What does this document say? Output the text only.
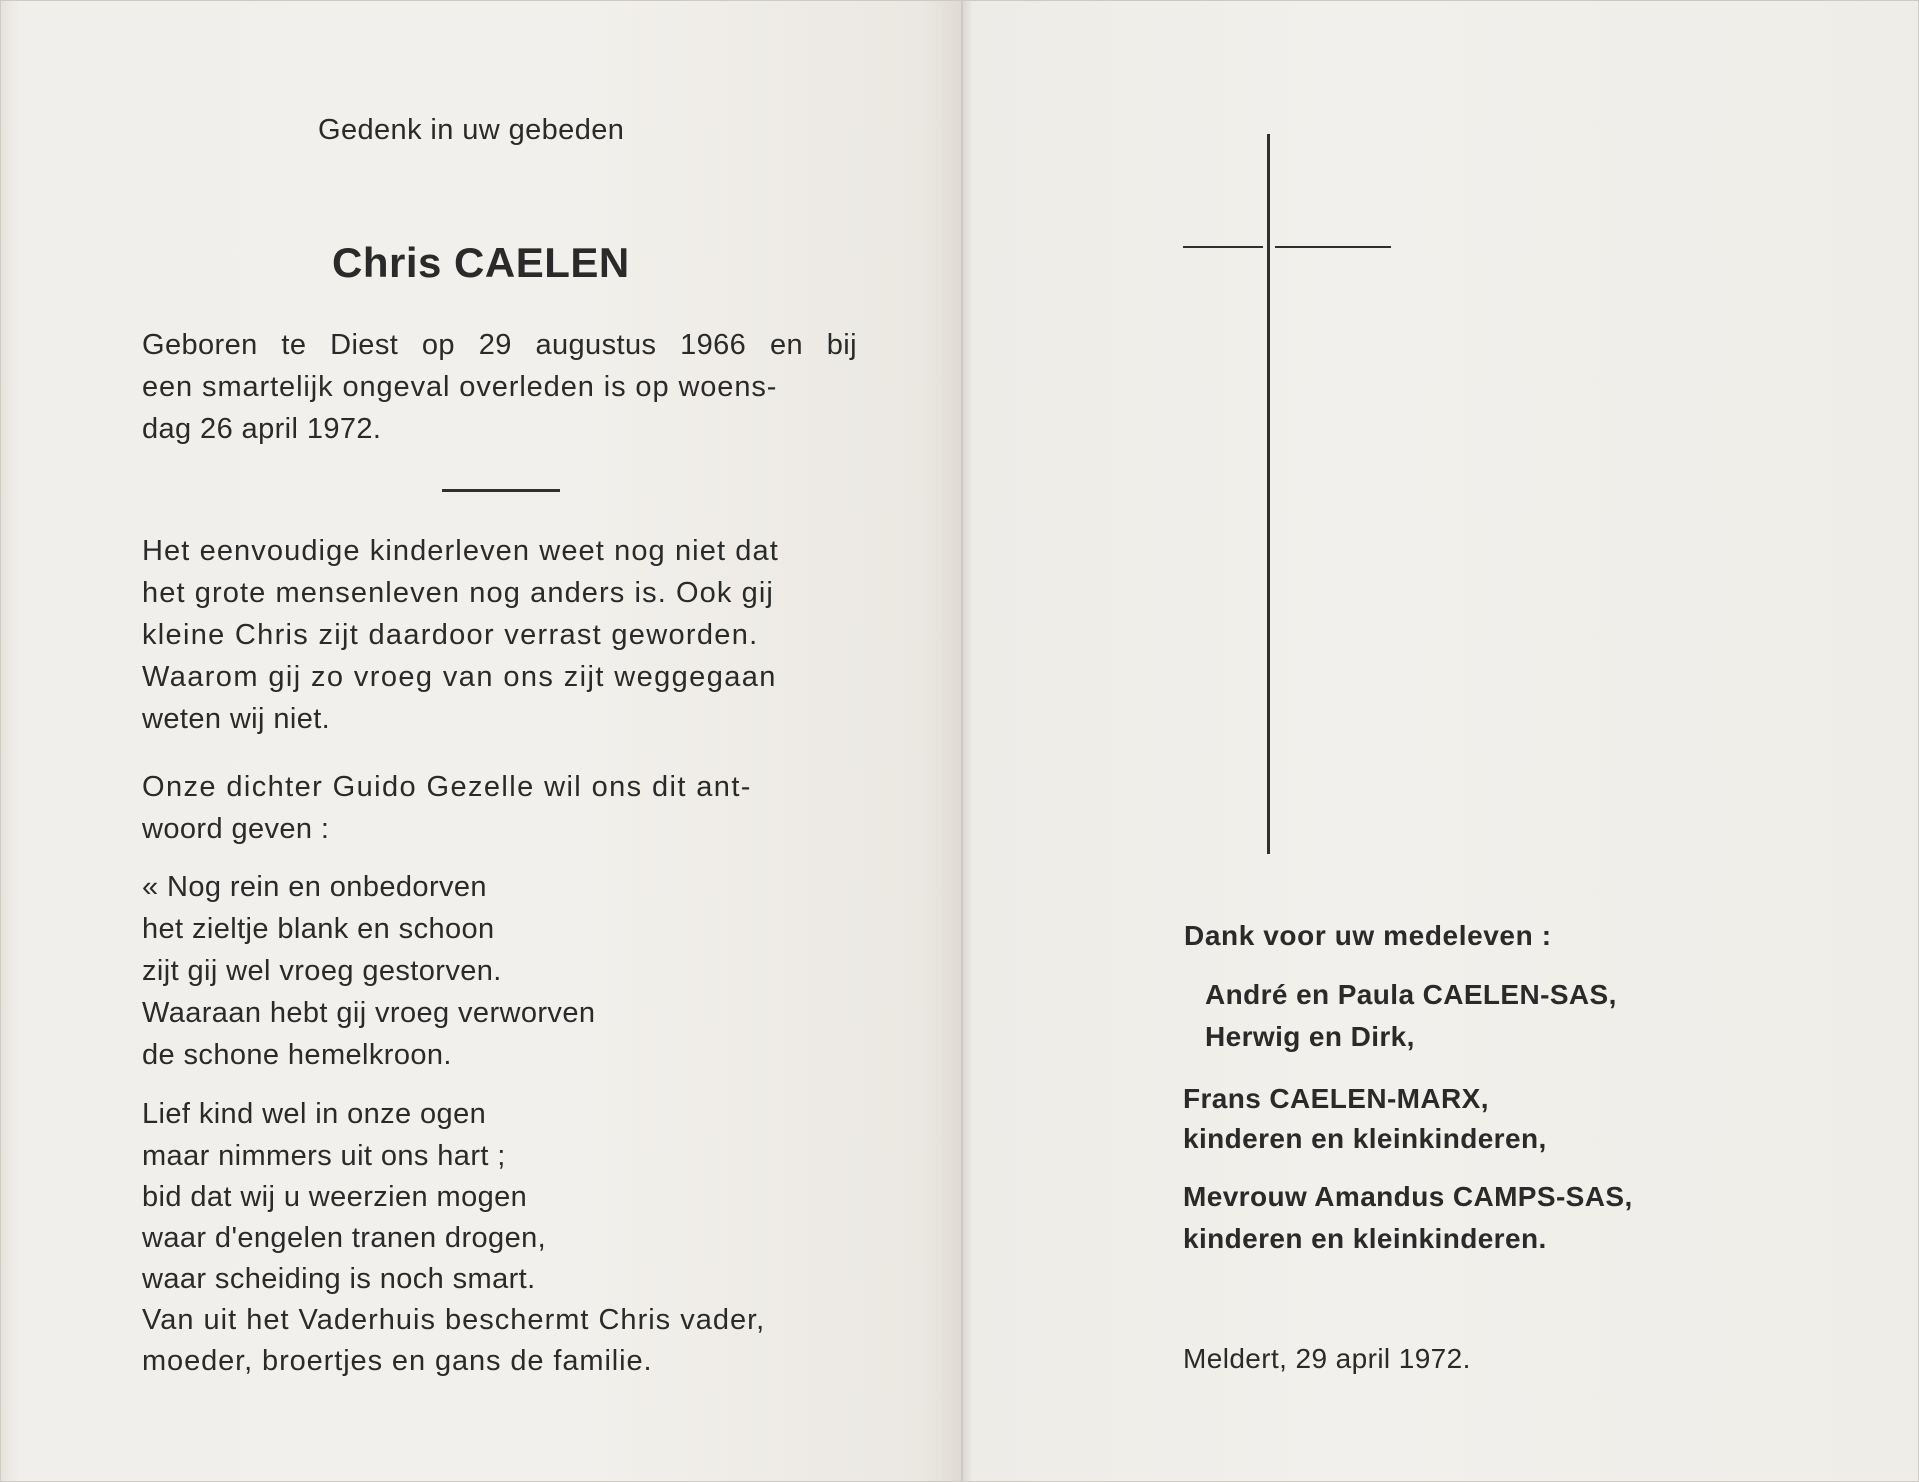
Gedenk in uw gebeden

Chris CAELEN

Geboren te Diest op 29 augustus 1966 en bij

een smartelijk ongeval overleden is op woens-

dag 26 april 1972.

Het eenvoudige kinderleven weet nog niet dat

het grote mensenleven nog anders is. Ook gij

kleine Chris zijt daardoor verrast geworden.

Waarom gij zo vroeg van ons zijt weggegaan

weten wij niet.

Onze dichter Guido Gezelle wil ons dit ant-

woord geven :

« Nog rein en onbedorven

het zieltje blank en schoon

zijt gij wel vroeg gestorven.

Waaraan hebt gij vroeg verworven

de schone hemelkroon.

Lief kind wel in onze ogen

maar nimmers uit ons hart ;

bid dat wij u weerzien mogen

waar d'engelen tranen drogen,

waar scheiding is noch smart.

Van uit het Vaderhuis beschermt Chris vader,

moeder, broertjes en gans de familie.

Dank voor uw medeleven :

André en Paula CAELEN-SAS,

Herwig en Dirk,

Frans CAELEN-MARX,

kinderen en kleinkinderen,

Mevrouw Amandus CAMPS-SAS,

kinderen en kleinkinderen.

Meldert, 29 april 1972.
